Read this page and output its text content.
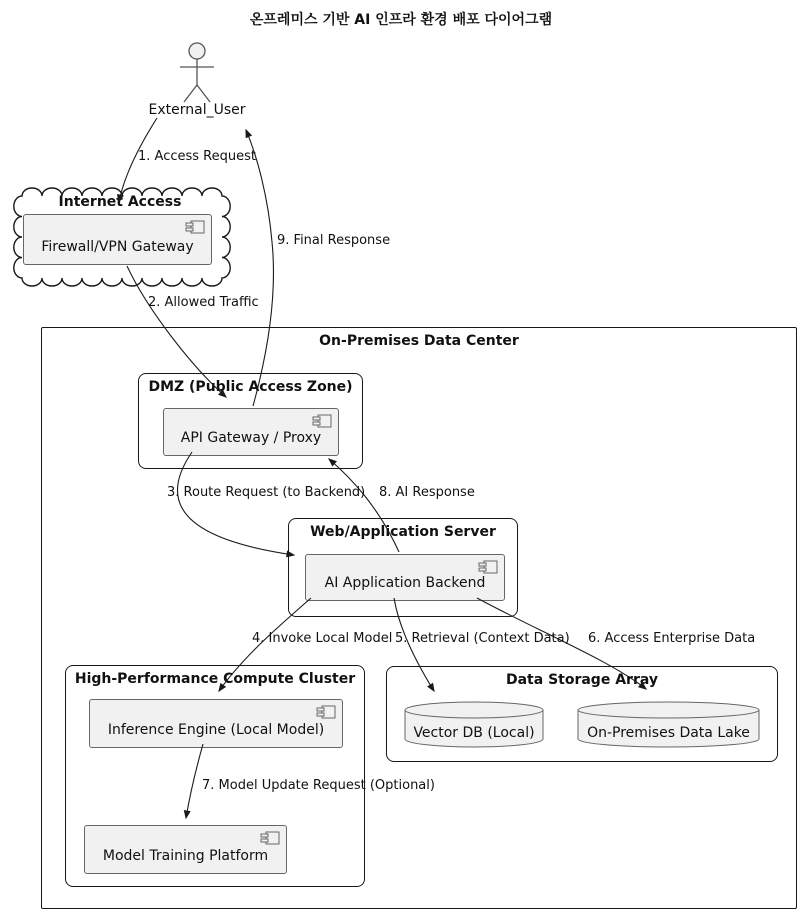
온프레미스 기반 AI 인프라 환경 배포 다이어그램
Internet Access
External_User
Firewall/VPN Gateway
On-Premises Data Center
DMZ (Public Access Zone)
API Gateway / Proxy
Web/Application Server
AI Application Backend
High-Performance Compute Cluster
Inference Engine (Local Model)
Model Training Platform
Data Storage Array
Vector DB (Local)	On-Premises Data Lake
1. Access Request
2. Allowed Traffic
3. Route Request (to Backend)
4. Invoke Local Model 5. Retrieval (Context Data) 6. Access Enterprise Data
7. Model Update Request (Optional)
8. AI Response
9. Final Response
